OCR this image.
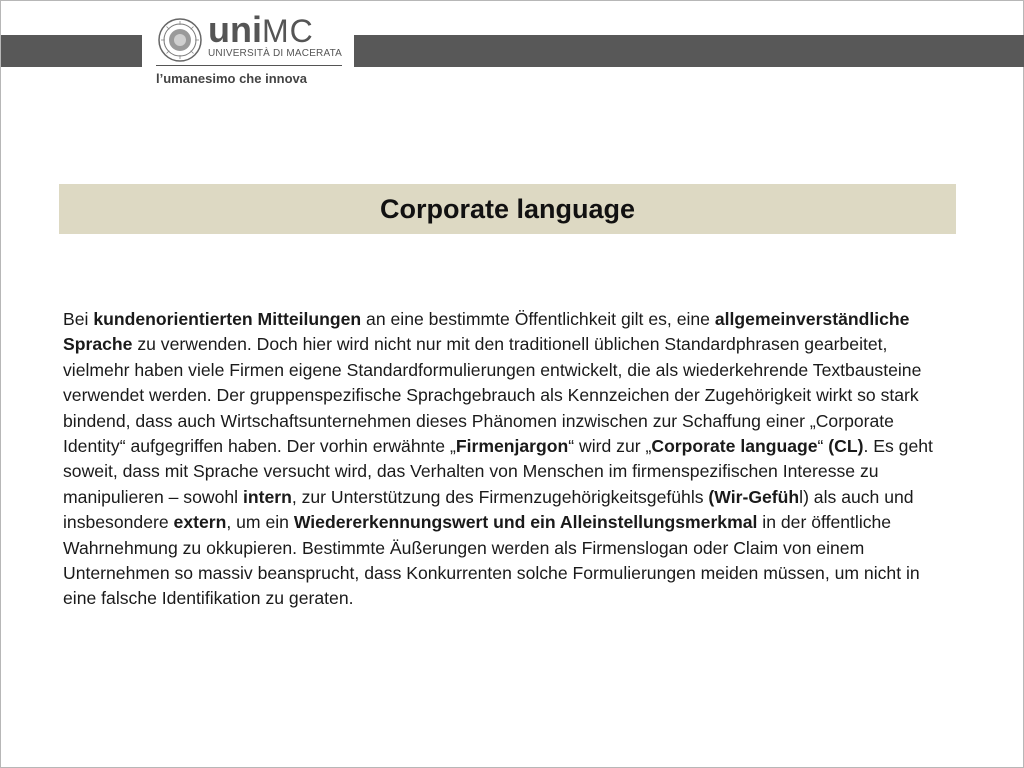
uniMC
UNIVERSITÀ DI MACERATA
l’umanesimo che innova
Corporate language

Bei kundenorientierten Mitteilungen an eine bestimmte Öffentlichkeit gilt es, eine allgemeinverständliche Sprache zu verwenden. Doch hier wird nicht nur mit den traditionell üblichen Standardphrasen gearbeitet, vielmehr haben viele Firmen eigene Standardformulierungen entwickelt, die als wiederkehrende Textbausteine verwendet werden. Der gruppenspezifische Sprachgebrauch als Kennzeichen der Zugehörigkeit wirkt so stark bindend, dass auch Wirtschaftsunternehmen dieses Phänomen inzwischen zur Schaffung einer „Corporate Identity“ aufgegriffen haben. Der vorhin erwähnte „Firmenjargon“ wird zur „Corporate language“ (CL). Es geht soweit, dass mit Sprache versucht wird, das Verhalten von Menschen im firmenspezifischen Interesse zu manipulieren – sowohl intern, zur Unterstützung des Firmenzugehörigkeitsgefühls (Wir-Gefühl) als auch und insbesondere extern, um ein Wiedererkennungswert und ein Alleinstellungsmerkmal in der öffentliche Wahrnehmung zu okkupieren. Bestimmte Äußerungen werden als Firmenslogan oder Claim von einem Unternehmen so massiv beansprucht, dass Konkurrenten solche Formulierungen meiden müssen, um nicht in eine falsche Identifikation zu geraten.
